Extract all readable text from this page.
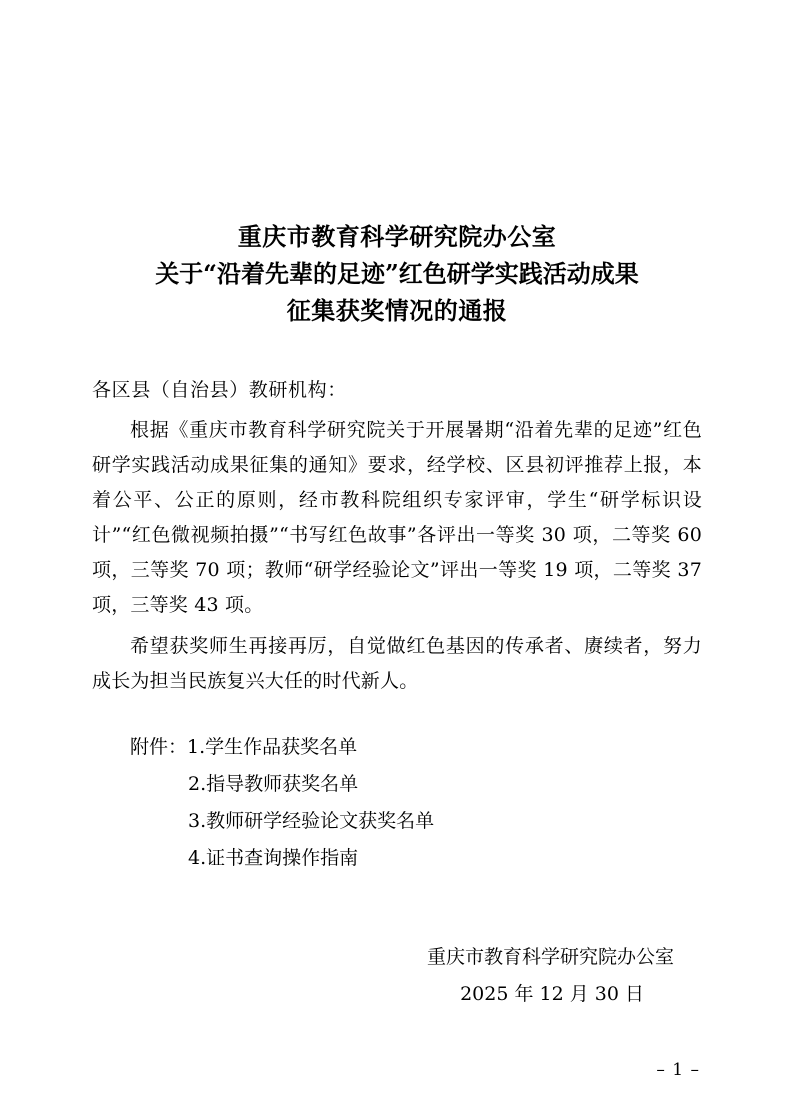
重庆市教育科学研究院办公室
关于“沿着先辈的足迹”红色研学实践活动成果
征集获奖情况的通报
各区县（自治县）教研机构：
根据《重庆市教育科学研究院关于开展暑期“沿着先辈的足迹”红色研学实践活动成果征集的通知》要求，经学校、区县初评推荐上报，本着公平、公正的原则，经市教科院组织专家评审，学生“研学标识设计”“红色微视频拍摄”“书写红色故事”各评出一等奖 30 项，二等奖 60 项，三等奖 70 项；教师“研学经验论文”评出一等奖 19 项，二等奖 37 项，三等奖 43 项。
希望获奖师生再接再厉，自觉做红色基因的传承者、赓续者，努力成长为担当民族复兴大任的时代新人。
附件：1.学生作品获奖名单
2.指导教师获奖名单
3.教师研学经验论文获奖名单
4.证书查询操作指南
重庆市教育科学研究院办公室
2025 年 12 月 30 日
– 1 –
